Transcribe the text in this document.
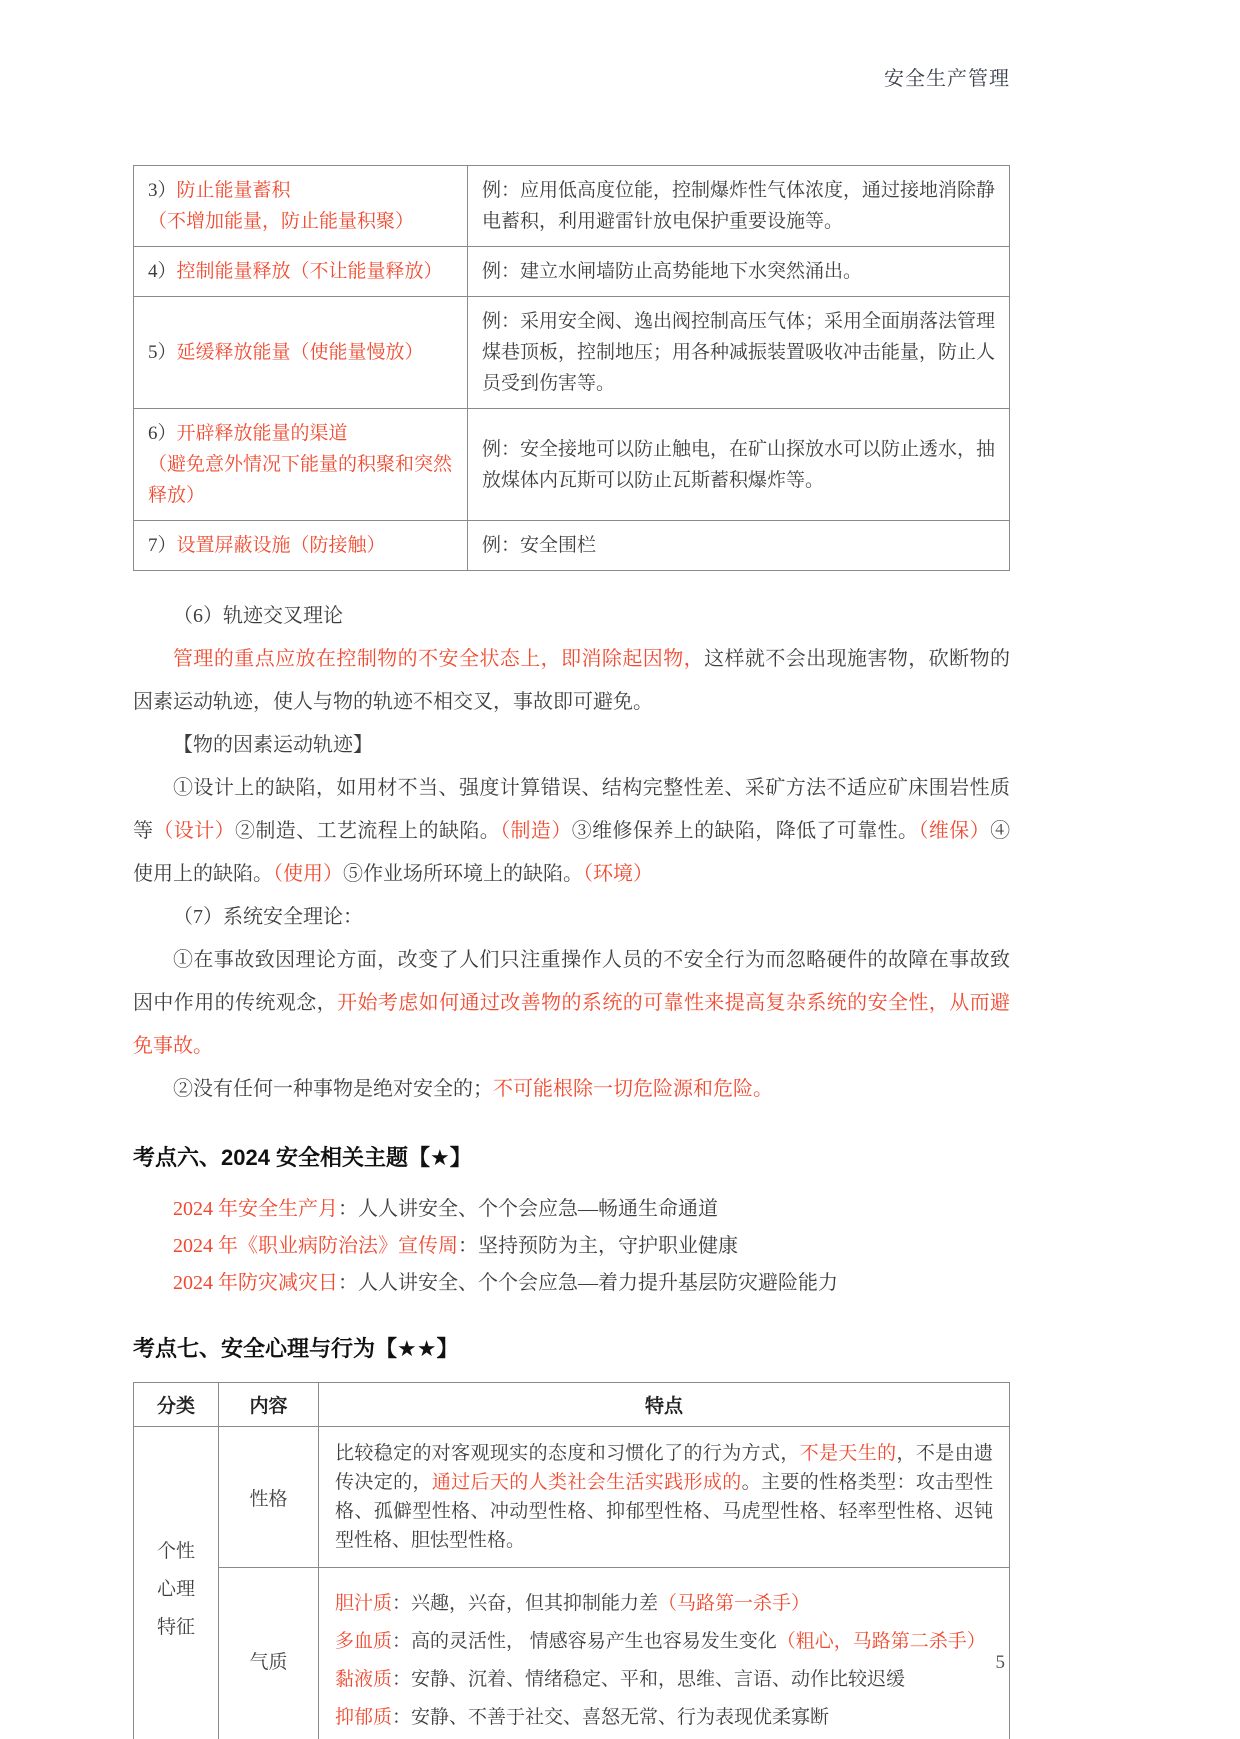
安全生产管理
3）防止能量蓄积
（不增加能量，防止能量积聚）	例：应用低高度位能，控制爆炸性气体浓度，通过接地消除静电蓄积，利用避雷针放电保护重要设施等。

4）控制能量释放（不让能量释放）	例：建立水闸墙防止高势能地下水突然涌出。

5）延缓释放能量（使能量慢放）	例：采用安全阀、逸出阀控制高压气体；采用全面崩落法管理煤巷顶板，控制地压；用各种减振装置吸收冲击能量，防止人员受到伤害等。

6）开辟释放能量的渠道
（避免意外情况下能量的积聚和突然释放）	例：安全接地可以防止触电，在矿山探放水可以防止透水，抽放煤体内瓦斯可以防止瓦斯蓄积爆炸等。

7）设置屏蔽设施（防接触）	例：安全围栏
（6）轨迹交叉理论
管理的重点应放在控制物的不安全状态上，即消除起因物，这样就不会出现施害物，砍断物的因素运动轨迹，使人与物的轨迹不相交叉，事故即可避免。
【物的因素运动轨迹】
①设计上的缺陷，如用材不当、强度计算错误、结构完整性差、采矿方法不适应矿床围岩性质等（设计）②制造、工艺流程上的缺陷。（制造）③维修保养上的缺陷，降低了可靠性。（维保）④使用上的缺陷。（使用）⑤作业场所环境上的缺陷。（环境）
（7）系统安全理论：
①在事故致因理论方面，改变了人们只注重操作人员的不安全行为而忽略硬件的故障在事故致因中作用的传统观念，开始考虑如何通过改善物的系统的可靠性来提高复杂系统的安全性，从而避免事故。
②没有任何一种事物是绝对安全的；不可能根除一切危险源和危险。
考点六、2024 安全相关主题【★】
2024 年安全生产月：人人讲安全、个个会应急—畅通生命通道
2024 年《职业病防治法》宣传周：坚持预防为主，守护职业健康
2024 年防灾减灾日：人人讲安全、个个会应急—着力提升基层防灾避险能力
考点七、安全心理与行为【★★】
分类	内容	特点

个性
心理
特征	性格	比较稳定的对客观现实的态度和习惯化了的行为方式，不是天生的，不是由遗传决定的，通过后天的人类社会生活实践形成的。主要的性格类型：攻击型性格、孤僻型性格、冲动型性格、抑郁型性格、马虎型性格、轻率型性格、迟钝型性格、胆怯型性格。

	气质	胆汁质：兴趣，兴奋，但其抑制能力差（马路第一杀手）
多血质：高的灵活性， 情感容易产生也容易发生变化（粗心，马路第二杀手）
黏液质：安静、沉着、情绪稳定、平和，思维、言语、动作比较迟缓
抑郁质：安静、不善于社交、喜怒无常、行为表现优柔寡断
5
